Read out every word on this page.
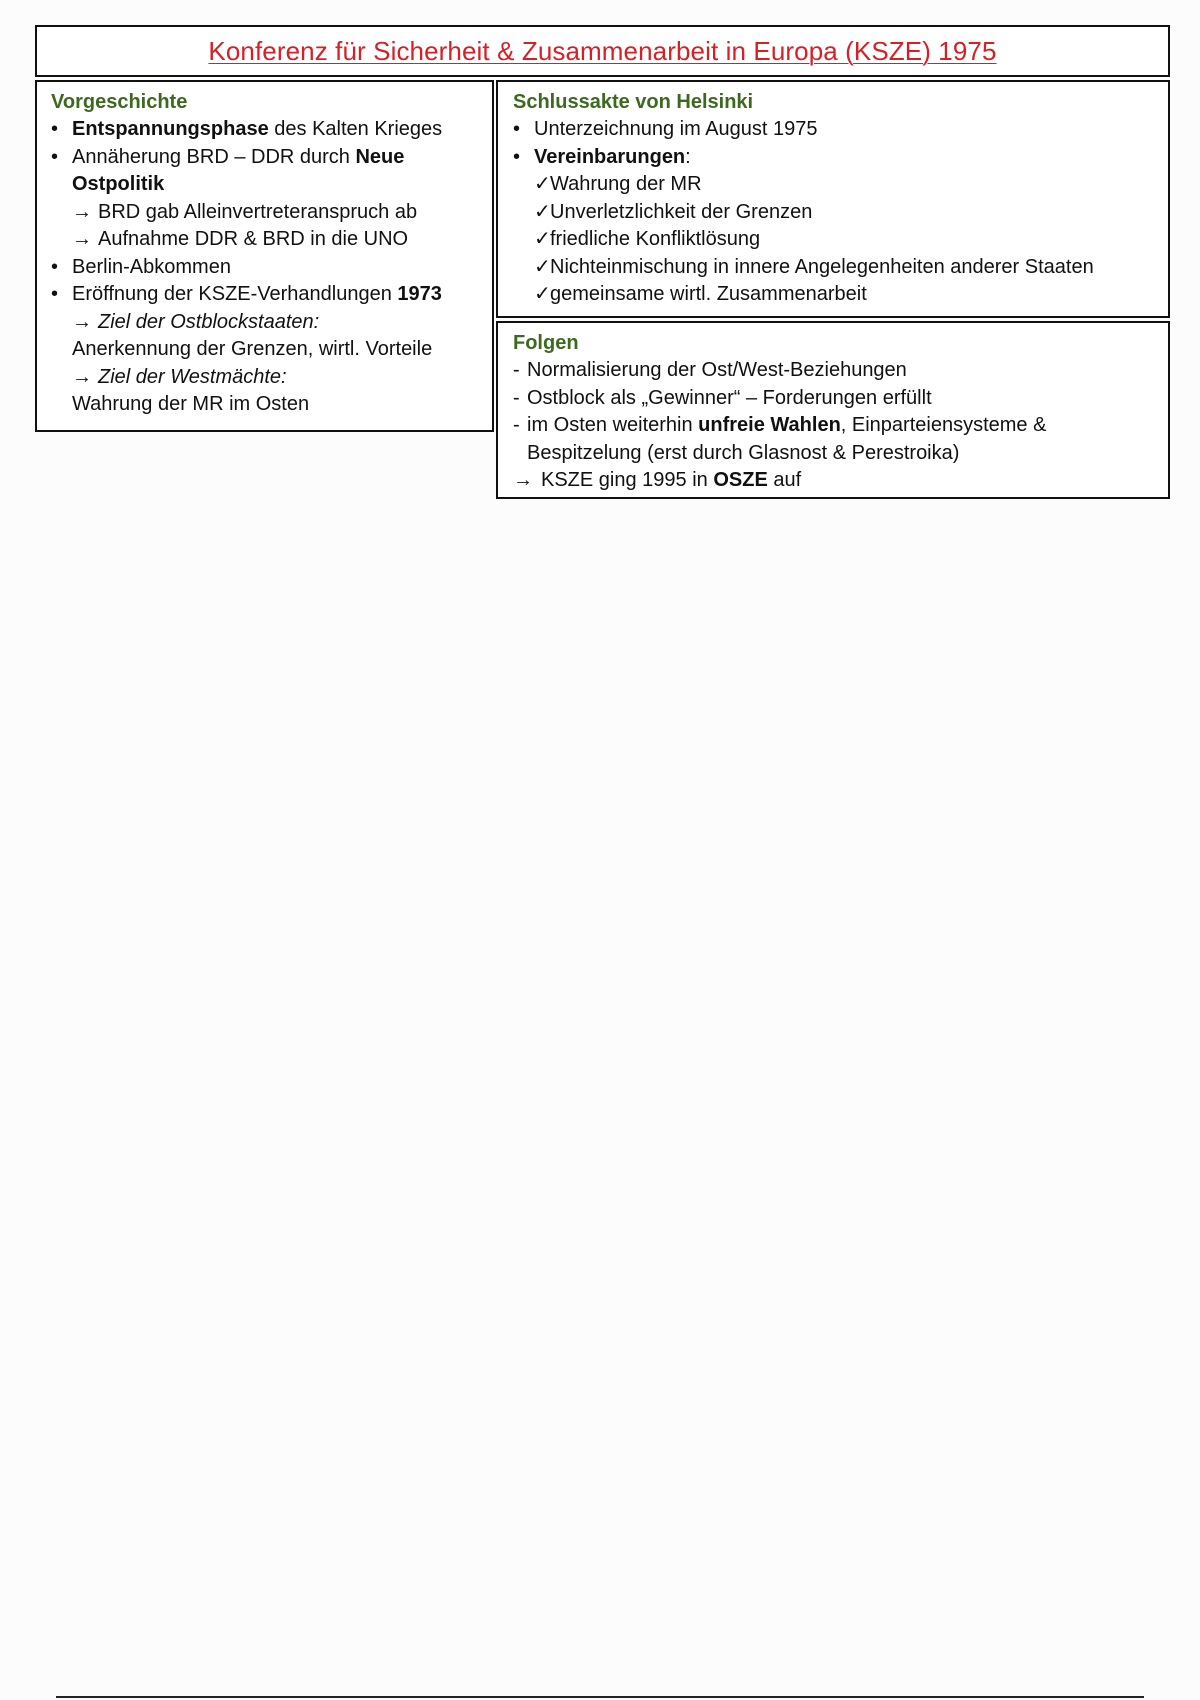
Konferenz für Sicherheit & Zusammenarbeit in Europa (KSZE) 1975

Vorgeschichte

• Entspannungsphase des Kalten Krieges
• Annäherung BRD – DDR durch Neue
Ostpolitik
→ BRD gab Alleinvertreteranspruch ab
→ Aufnahme DDR & BRD in die UNO
• Berlin-Abkommen
• Eröffnung der KSZE-Verhandlungen 1973
→ Ziel der Ostblockstaaten:
Anerkennung der Grenzen, wirtl. Vorteile
→ Ziel der Westmächte:
Wahrung der MR im Osten

Schlussakte von Helsinki

• Unterzeichnung im August 1975
• Vereinbarungen:
✓ Wahrung der MR
✓ Unverletzlichkeit der Grenzen
✓ friedliche Konfliktlösung
✓ Nichteinmischung in innere Angelegenheiten anderer Staaten
✓ gemeinsame wirtl. Zusammenarbeit

Folgen

- Normalisierung der Ost/West-Beziehungen
- Ostblock als „Gewinner“ – Forderungen erfüllt
- im Osten weiterhin unfreie Wahlen, Einparteiensysteme &
Bespitzelung (erst durch Glasnost & Perestroika)
→ KSZE ging 1995 in OSZE auf
